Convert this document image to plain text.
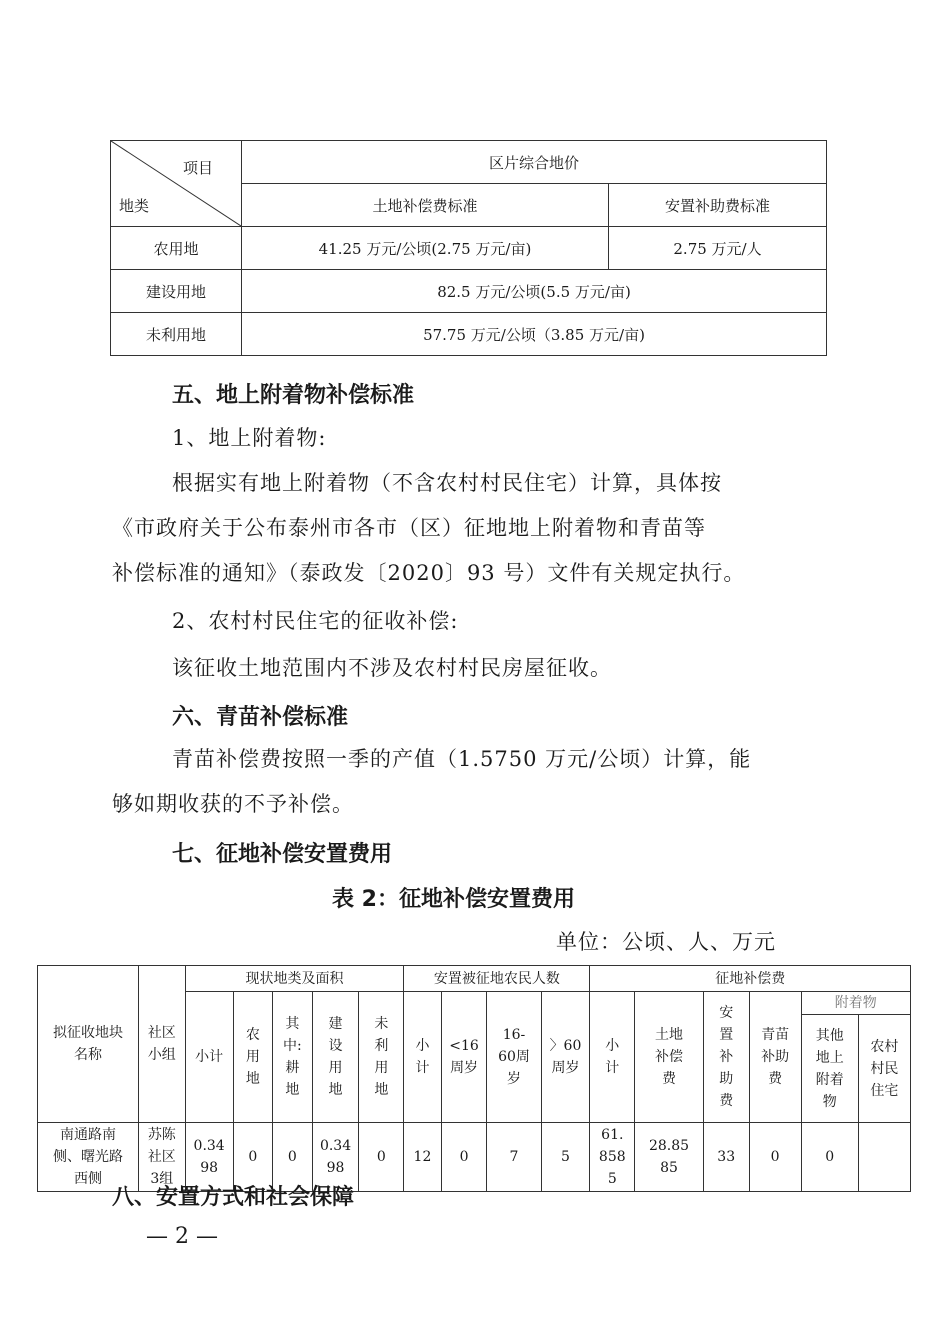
项目
地类	区片综合地价	
	土地补偿费标准	安置补助费标准
农用地	41.25 万元/公顷(2.75 万元/亩)	2.75 万元/人
建设用地	82.5 万元/公顷(5.5 万元/亩)	
未利用地	57.75 万元/公顷（3.85 万元/亩)	
五、地上附着物补偿标准
1、地上附着物:
根据实有地上附着物（不含农村村民住宅）计算，具体按
《市政府关于公布泰州市各市（区）征地地上附着物和青苗等
补偿标准的通知》（泰政发〔2020〕93 号）文件有关规定执行。
2、农村村民住宅的征收补偿:
该征收土地范围内不涉及农村村民房屋征收。
六、青苗补偿标准
青苗补偿费按照一季的产值（1.5750 万元/公顷）计算，能
够如期收获的不予补偿。
七、征地补偿安置费用
表 2：征地补偿安置费用
单位：公顷、人、万元
拟征收地块名称	社区小组	现状地类及面积					安置被征地农民人数				征地补偿费					
		小计	农用地	其中:耕地	建设用地	未利用地	小计	<16周岁	16-60周岁	〉60周岁	小计	土地补偿费	安置补助费	青苗补助费	附着物	

															其他地上附着物	农村村民住宅

南通路南侧、曙光路西侧	苏陈社区3组	0.3498	0	0	0.3498	0	12	0	7	5	61.8585	28.8585	33	0	0	
八、安置方式和社会保障
— 2 —
